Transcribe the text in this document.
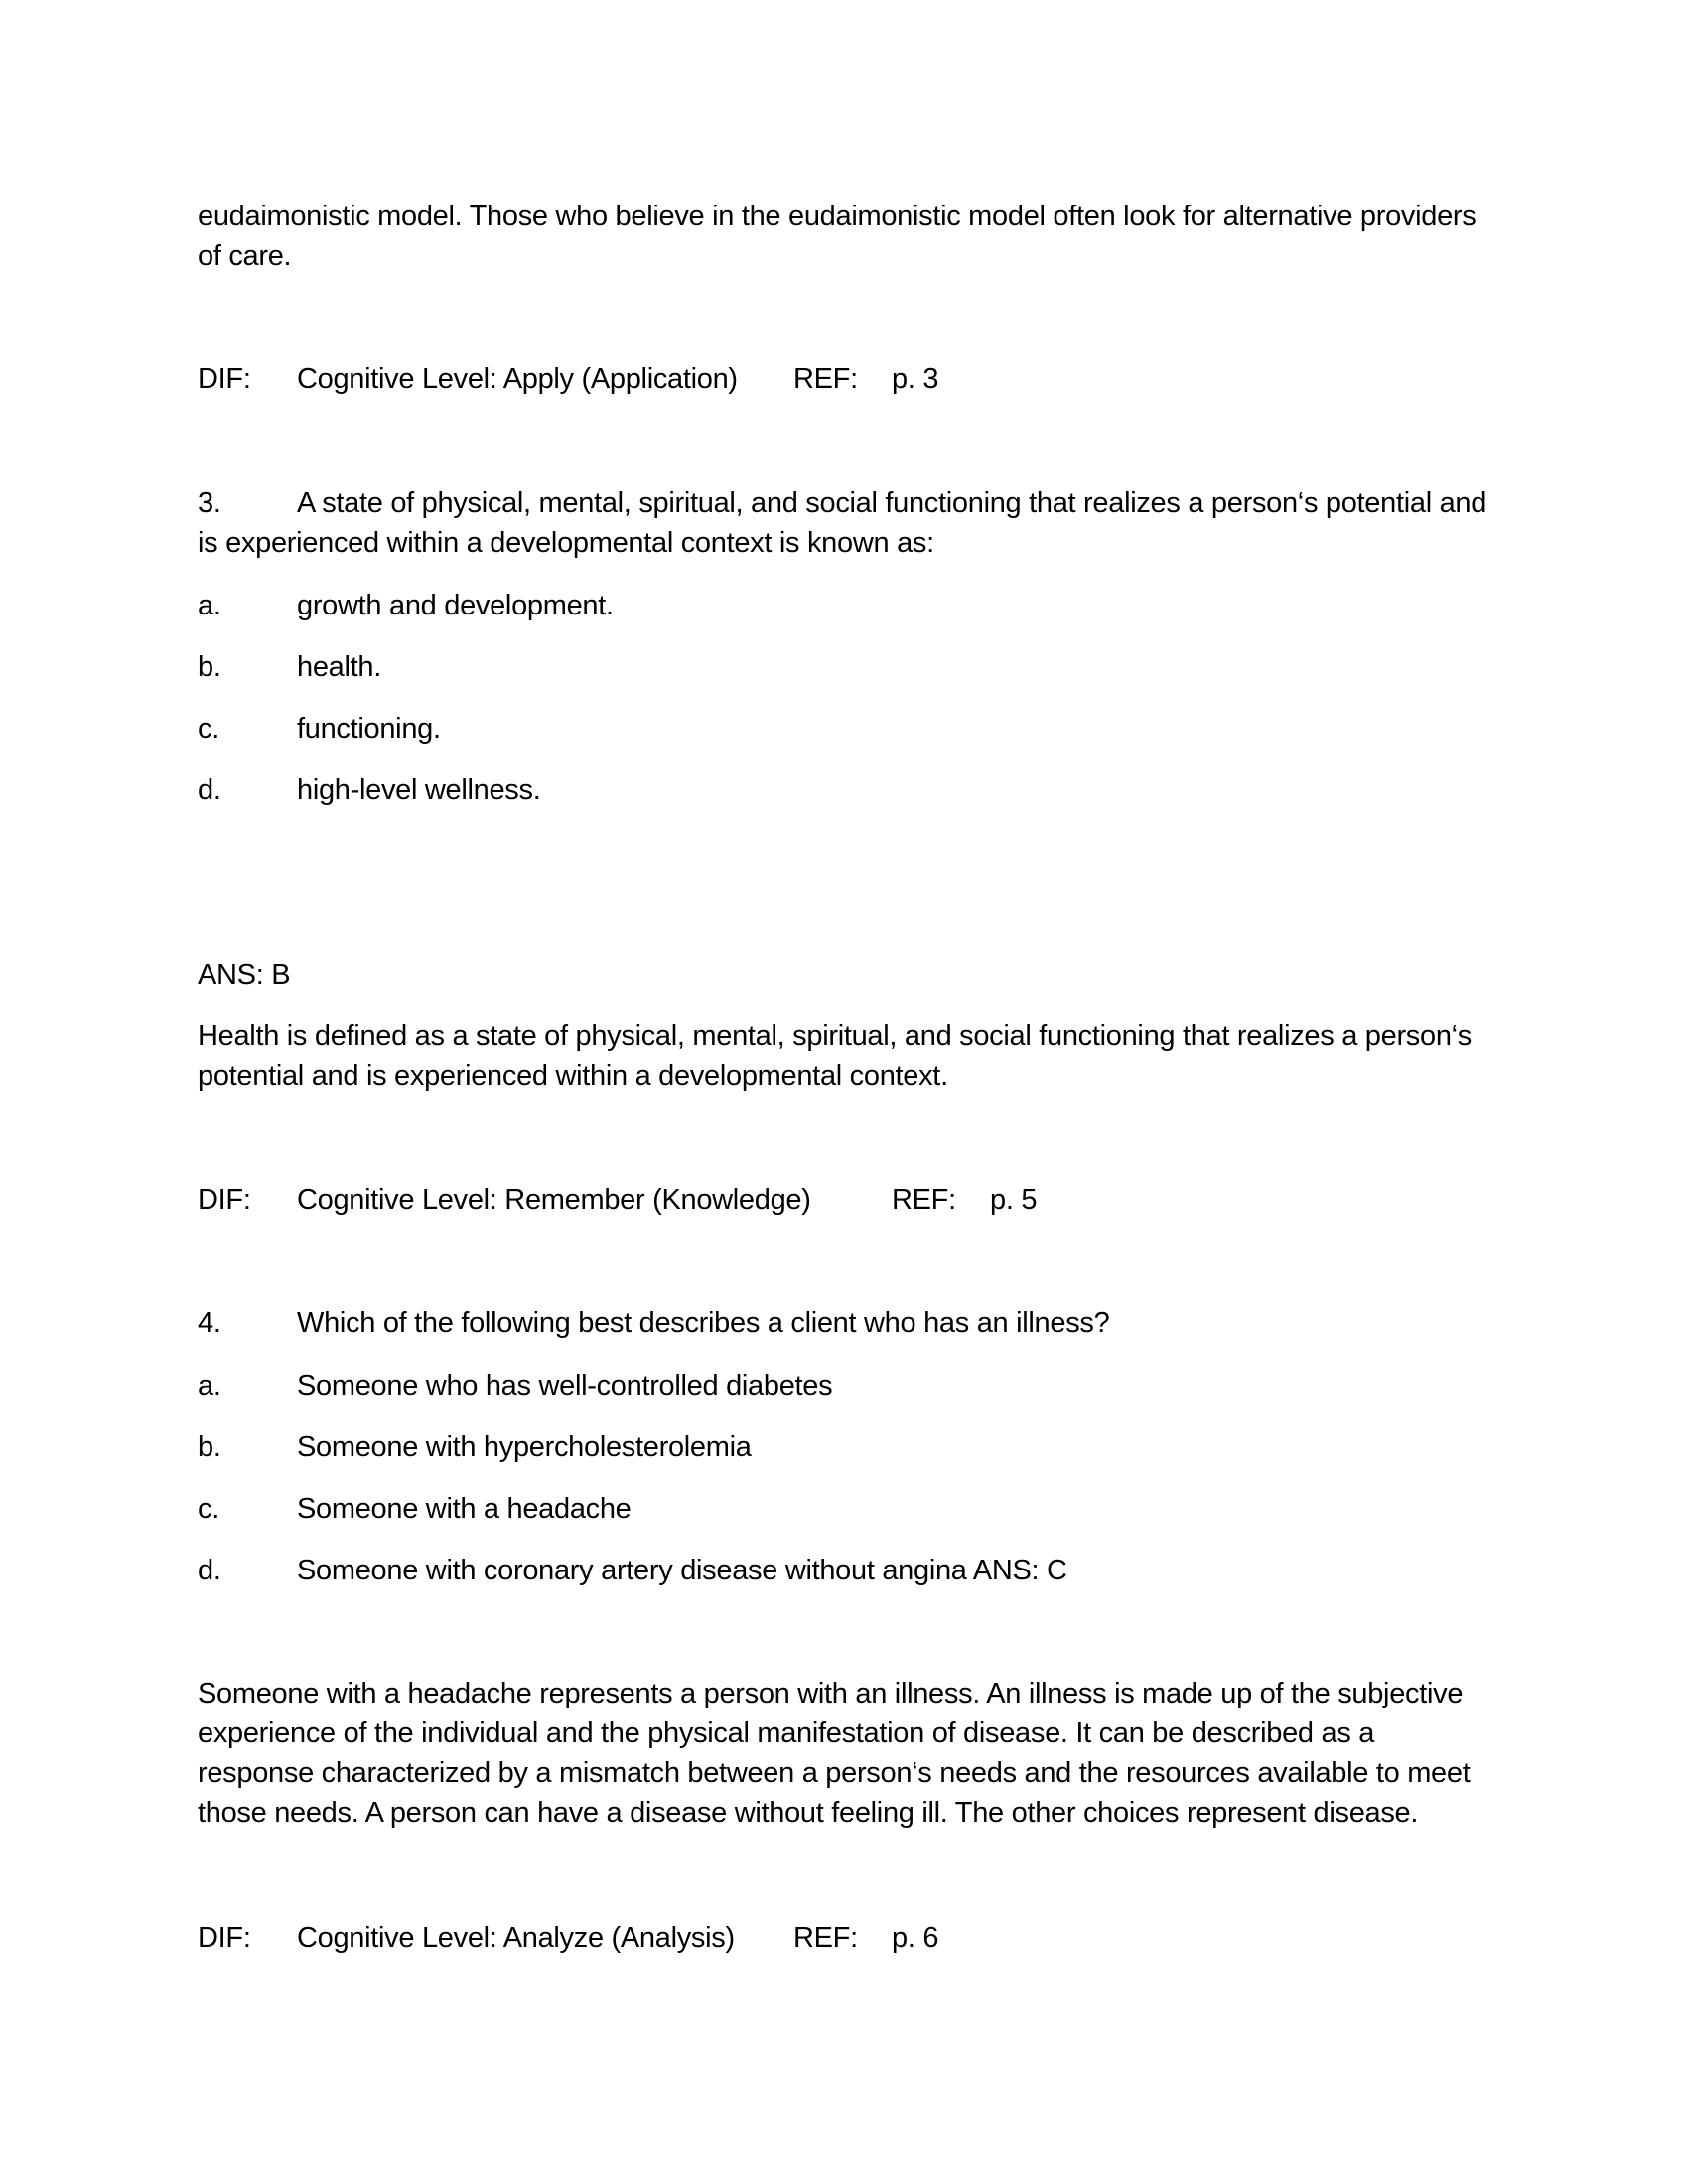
eudaimonistic model. Those who believe in the eudaimonistic model often look for alternative providers of care.

DIF: Cognitive Level: Apply (Application) REF: p. 3
3.	A state of physical, mental, spiritual, and social functioning that realizes a person‘s potential and
is experienced within a developmental context is known as:
a.	growth and development.
b.	health.
c.	functioning.
d.	high-level wellness.
ANS: B

Health is defined as a state of physical, mental, spiritual, and social functioning that realizes a person‘s potential and is experienced within a developmental context.

DIF: Cognitive Level: Remember (Knowledge)	REF: p. 5
4.	Which of the following best describes a client who has an illness?
a.	Someone who has well-controlled diabetes
b.	Someone with hypercholesterolemia
c.	Someone with a headache
d.	Someone with coronary artery disease without angina ANS: C

Someone with a headache represents a person with an illness. An illness is made up of the subjective experience of the individual and the physical manifestation of disease. It can be described as a response characterized by a mismatch between a person‘s needs and the resources available to meet those needs. A person can have a disease without feeling ill. The other choices represent disease.

DIF: Cognitive Level: Analyze (Analysis) REF: p. 6
